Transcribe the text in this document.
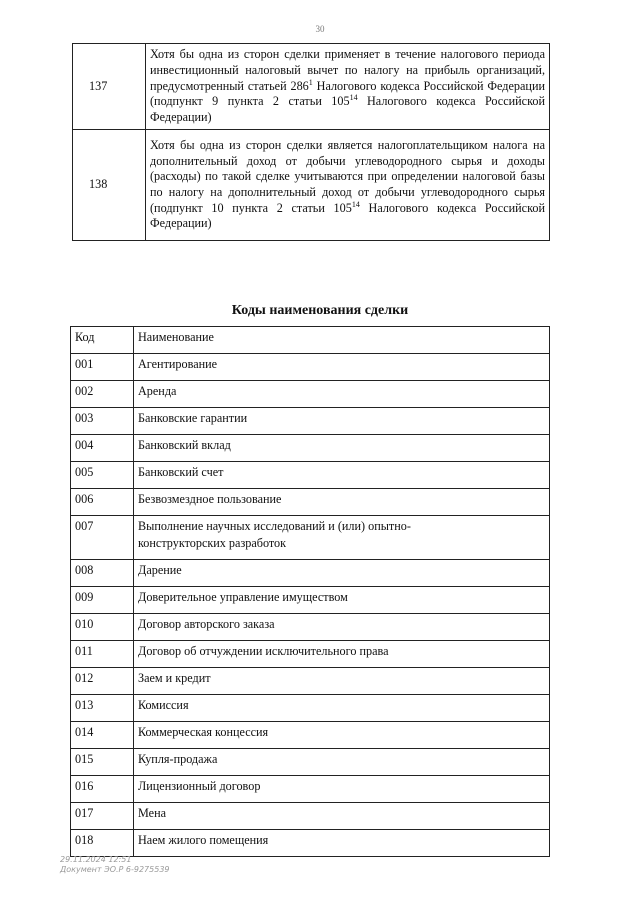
30
137	Хотя бы одна из сторон сделки применяет в течение налогового периода инвестиционный налоговый вычет по налогу на прибыль организаций, предусмотренный статьей $286^1$ Налогового кодекса Российской Федерации (подпункт 9 пункта 2 статьи $105^{14}$ Налогового кодекса Российской Федерации)
138	Хотя бы одна из сторон сделки является налогоплательщиком налога на дополнительный доход от добычи углеводородного сырья и доходы (расходы) по такой сделке учитываются при определении налоговой базы по налогу на дополнительный доход от добычи углеводородного сырья (подпункт 10 пункта 2 статьи $105^{14}$ Налогового кодекса Российской Федерации)
Коды наименования сделки
Код	Наименование
001	Агентирование
002	Аренда
003	Банковские гарантии
004	Банковский вклад
005	Банковский счет
006	Безвозмездное пользование
007	Выполнение научных исследований и (или) опытно-
конструкторских разработок

008	Дарение
009	Доверительное управление имуществом
010	Договор авторского заказа
011	Договор об отчуждении исключительного права
012	Заем и кредит
013	Комиссия
014	Коммерческая концессия
015	Купля-продажа
016	Лицензионный договор
017	Мена
018	Наем жилого помещения
29.11.2024 12:51
Документ ЭО.Р 6-9275539
